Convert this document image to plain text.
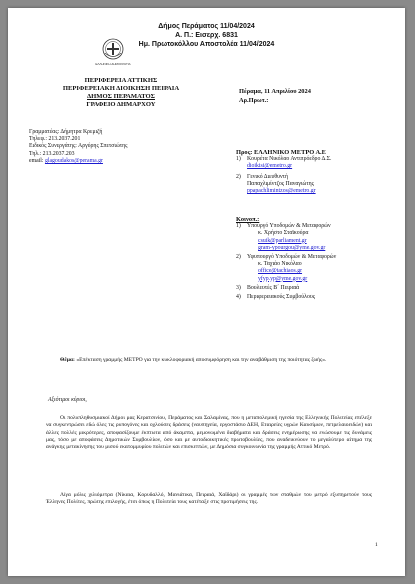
Δήμος Περάματος 11/04/2024
Α. Π.: Εισερχ. 6831
Ημ. Πρωτοκόλλου Αποστολέα 11/04/2024
ΕΛΛΗΝΙΚΗ ΔΗΜΟΚΡΑΤΙΑ
ΠΕΡΙΦΕΡΕΙΑ ΑΤΤΙΚΗΣ
ΠΕΡΙΦΕΡΕΙΑΚΗ ΔΙΟΙΚΗΣΗ ΠΕΙΡΑΙΑ
ΔΗΜΟΣ ΠΕΡΑΜΑΤΟΣ
ΓΡΑΦΕΙΟ ΔΗΜΑΡΧΟΥ
Πέραμα, 11 Απριλίου 2024
Αρ.Πρωτ.:
Γραμματέας: Δήμητρα Κρεμιζή
Τηλεφ.: 213.2037.201
Ειδικός Συνεργάτης: Αργύρης Σπετσιώτης
Τηλ.: 213.2037.203
email: glagoudakos@perama.gr
Προς: ΕΛΛΗΝΙΚΟ ΜΕΤΡΟ Α.Ε
1) Κουρέτα Νικόλαο Αντιπρόεδρο Δ.Σ.
dioikisi@emetro.gr
2) Γενικό Διευθυντή
Παπαχλιμίντζος Παναγιώτης
ppapachlimintzos@emetro.gr
Κοινοπ.:
1) Υπουργό Υποδομών & Μεταφορών
κ. Χρήστο Σταϊκούρα
csuik@parliament.gr
gram-ypourgou@yme.gov.gr
2) Υφυπουργό Υποδομών & Μεταφορών
κ. Ταχιάο Νικόλαο
office@tachiaos.gr
yfyp.yp@yme.gov.gr
3) Βουλευτές Β΄ Πειραιά
4) Περιφερειακούς Συμβούλους
Θέμα: «Επέκταση γραμμής ΜΕΤΡΟ για την κυκλοφοριακή αποσυμφόρηση και την αναβάθμιση της ποιότητας ζωής».
Αξιότιμοι κύριοι,
Οι πολυπληθυσμιακοί Δήμοι μας Κερατσινίου, Περάματος και Σαλαμίνας, που η μεταπολεμική ηγεσία της Ελληνικής Πολιτείας επέλεξε να συγκεντρώσει εδώ όλες τις ρυπογόνες και οχλούσες δράσεις (ναυπηγεία, εργοστάσιο ΔΕΗ, Εταιρείες υγρών Καυσίμων, πετρελαιοειδών) και άλλες πολλές μικρότερες, αποφασίζουμε έκπτωτα από άκαμπτα, μεμονωμένα διαβήματα και δράσεις ενημέρωσης να ενώσουμε τις δυνάμεις μας, τόσο με αποφάσεις Δημοτικών Συμβουλίων, όσο και με αυτοδιοικητικές πρωτοβουλίες, που αναδεικνύουν το μεγαλύτερο αίτημα της ανάγκης μετακίνησης του μισού εκατομμυρίου πολιτών και επισκεπτών, με Δημόσια συγκοινωνία της γραμμής Αττικό Μετρό.
Λίγα μόλις χιλιόμετρα (Νίκαια, Κορυδαλλό, Μανιάτικα, Πειραιά, Χαϊδάρι) οι γραμμές των σταθμών του μετρό εξυπηρετούν τους Έλληνες Πολίτες, πρώτης επιλογής, έτσι όπως η Πολιτεία τους κατέταξε στις προτιμήσεις της.
1
